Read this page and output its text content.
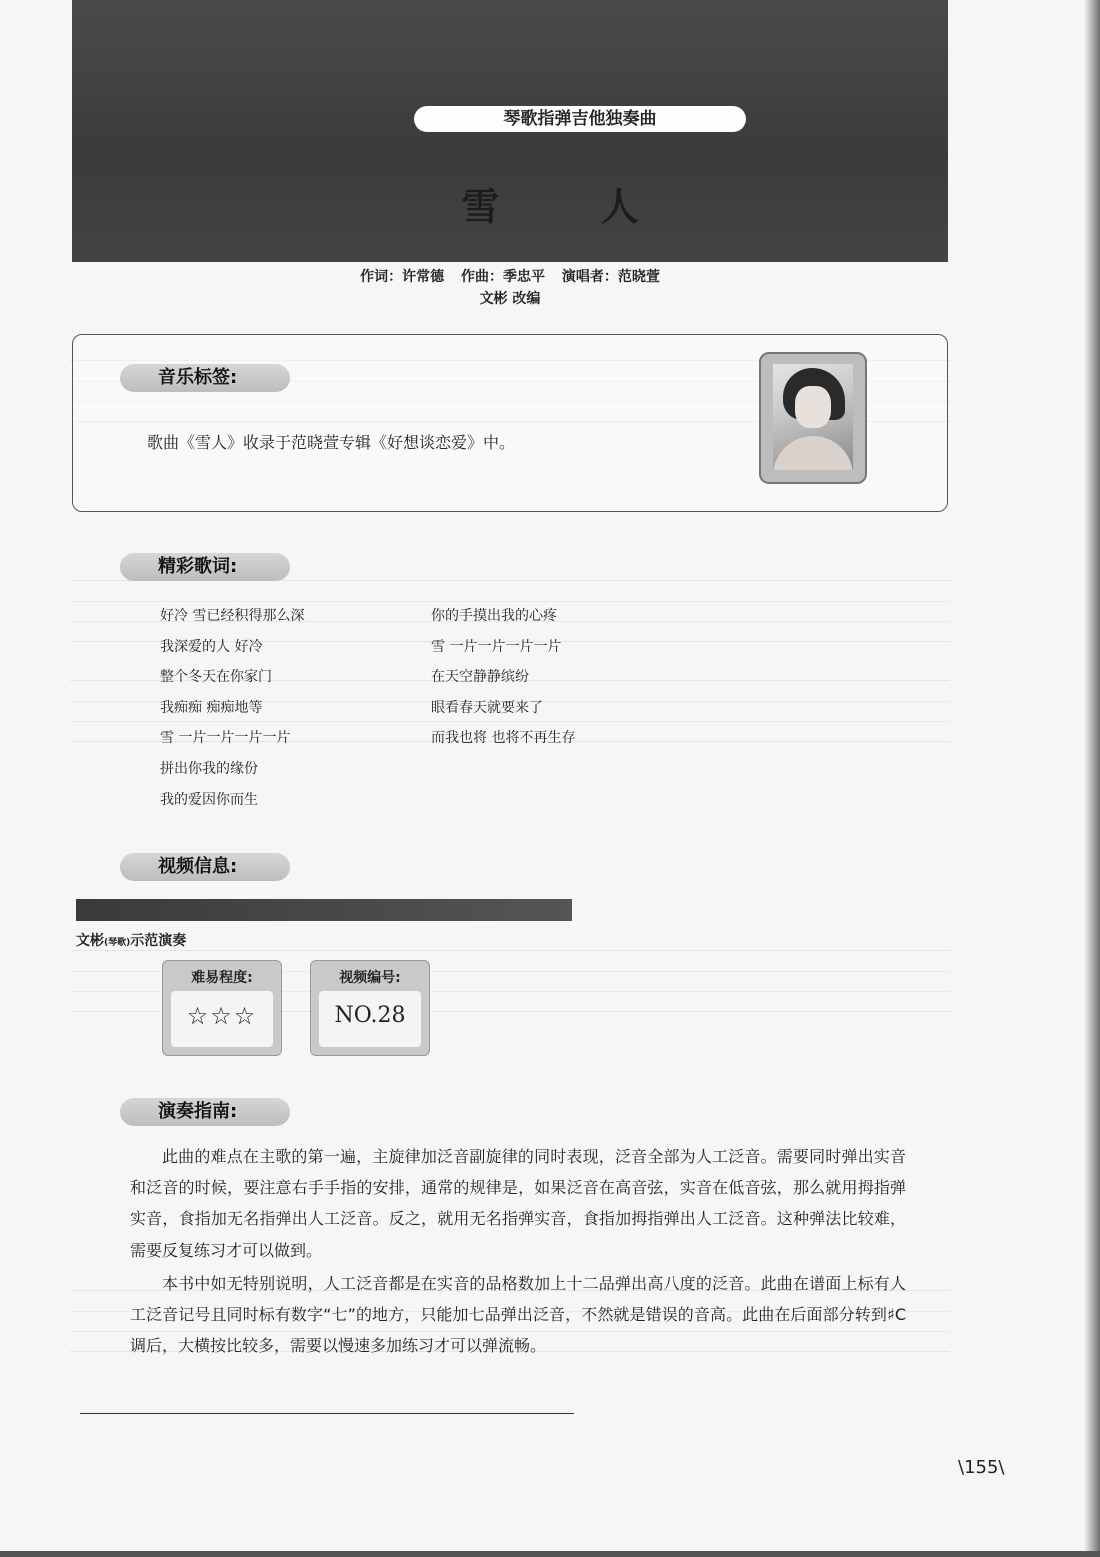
琴歌指弹吉他独奏曲
雪 人
作词：许常德 作曲：季忠平 演唱者：范晓萱
文彬 改编
音乐标签:
歌曲《雪人》收录于范晓萱专辑《好想谈恋爱》中。
精彩歌词:
好冷 雪已经积得那么深
我深爱的人 好冷
整个冬天在你家门
我痴痴 痴痴地等
雪 一片一片一片一片
拼出你我的缘份
我的爱因你而生
你的手摸出我的心疼
雪 一片一片一片一片
在天空静静缤纷
眼看春天就要来了
而我也将 也将不再生存
视频信息:
文彬(琴歌)示范演奏
难易程度:
☆☆☆
视频编号:
NO.28
演奏指南:

此曲的难点在主歌的第一遍，主旋律加泛音副旋律的同时表现，泛音全部为人工泛音。需要同时弹出实音和泛音的时候，要注意右手手指的安排，通常的规律是，如果泛音在高音弦，实音在低音弦，那么就用拇指弹实音，食指加无名指弹出人工泛音。反之，就用无名指弹实音，食指加拇指弹出人工泛音。这种弹法比较难，需要反复练习才可以做到。

本书中如无特别说明，人工泛音都是在实音的品格数加上十二品弹出高八度的泛音。此曲在谱面上标有人工泛音记号且同时标有数字“七”的地方，只能加七品弹出泛音，不然就是错误的音高。此曲在后面部分转到♯C调后，大横按比较多，需要以慢速多加练习才可以弹流畅。

\155\
